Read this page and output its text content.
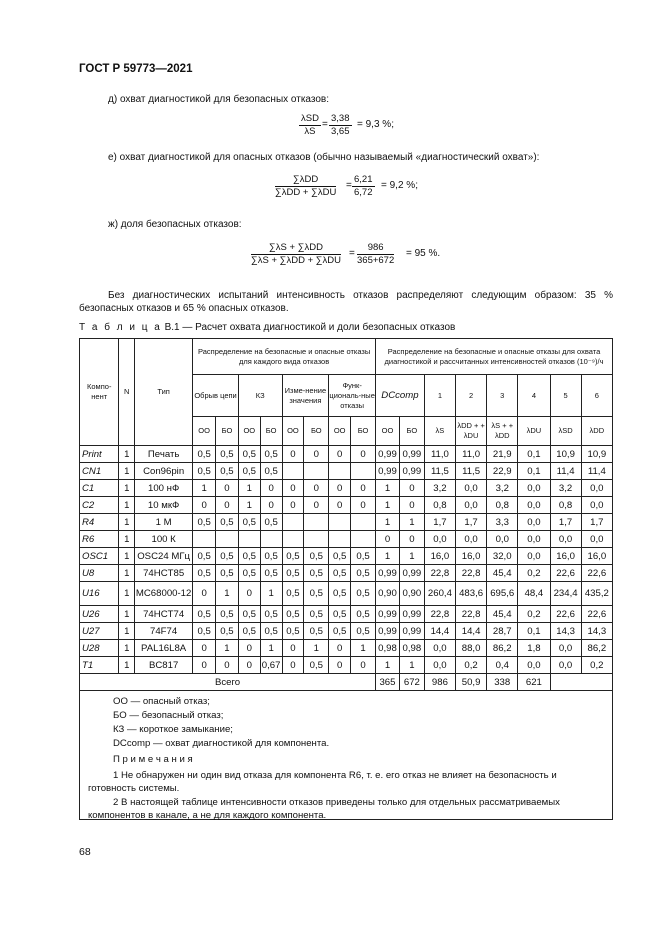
ГОСТ Р 59773—2021
д) охват диагностикой для безопасных отказов:
λSD
λS
= $\frac{3,38}{3,65} = 9,3$ %;
е) охват диагностикой для опасных отказов (обычно называемый «диагностический охват»):
∑λDD
∑λDD + ∑λDU
= $\frac{6,21}{6,72} = 9,2$ %;
ж) доля безопасных отказов:
∑λS + ∑λDD
∑λS + ∑λDD + ∑λDU
= $\frac{986}{365+672} = 95$ %.
Без диагностических испытаний интенсивность отказов распределяют следующим образом: 35 % безопасных отказов и 65 % опасных отказов.
Т а б л и ц а В.1 — Расчет охвата диагностикой и доли безопасных отказов
Компо-нент	N	Тип	Распределение на безопасные и опасные отказы для каждого вида отказов								Распределение на безопасные и опасные отказы для охвата диагностикой и рассчитанных интенсивностей отказов (10⁻⁹)/ч							
			Обрыв цепи		КЗ		Изме-нение значения		Функ-циональ-ные отказы		DCcomp		1	2	3	4	5	6
			ОО	БО	ОО	БО	ОО	БО	ОО	БО	ОО	БО	λS	λDD + + λDU	λS + + λDD	λDU	λSD	λDD
Print	1	Печать	0,5	0,5	0,5	0,5	0	0	0	0	0,99	0,99	11,0	11,0	21,9	0,1	10,9	10,9
CN1	1	Con96pin	0,5	0,5	0,5	0,5					0,99	0,99	11,5	11,5	22,9	0,1	11,4	11,4
C1	1	100 нФ	1	0	1	0	0	0	0	0	1	0	3,2	0,0	3,2	0,0	3,2	0,0
C2	1	10 мкФ	0	0	1	0	0	0	0	0	1	0	0,8	0,0	0,8	0,0	0,8	0,0
R4	1	1 М	0,5	0,5	0,5	0,5					1	1	1,7	1,7	3,3	0,0	1,7	1,7
R6	1	100 К									0	0	0,0	0,0	0,0	0,0	0,0	0,0
OSC1	1	OSC24 МГц	0,5	0,5	0,5	0,5	0,5	0,5	0,5	0,5	1	1	16,0	16,0	32,0	0,0	16,0	16,0
U8	1	74HCT85	0,5	0,5	0,5	0,5	0,5	0,5	0,5	0,5	0,99	0,99	22,8	22,8	45,4	0,2	22,6	22,6
U16	1	MC68000-12	0	1	0	1	0,5	0,5	0,5	0,5	0,90	0,90	260,4	483,6	695,6	48,4	234,4	435,2
U26	1	74HCT74	0,5	0,5	0,5	0,5	0,5	0,5	0,5	0,5	0,99	0,99	22,8	22,8	45,4	0,2	22,6	22,6
U27	1	74F74	0,5	0,5	0,5	0,5	0,5	0,5	0,5	0,5	0,99	0,99	14,4	14,4	28,7	0,1	14,3	14,3
U28	1	PAL16L8A	0	1	0	1	0	1	0	1	0,98	0,98	0,0	88,0	86,2	1,8	0,0	86,2
T1	1	BC817	0	0	0	0,67	0	0,5	0	0	1	1	0,0	0,2	0,4	0,0	0,0	0,2
Всего											365	672	986	50,9	338	621		
ОО — опасный отказ;
БО — безопасный отказ;
КЗ — короткое замыкание;
DCcomp — охват диагностикой для компонента.
П р и м е ч а н и я
1 Не обнаружен ни один вид отказа для компонента R6, т. е. его отказ не влияет на безопасность и готовность системы.
2 В настоящей таблице интенсивности отказов приведены только для отдельных рассматриваемых компонентов в канале, а не для каждого компонента.
68
